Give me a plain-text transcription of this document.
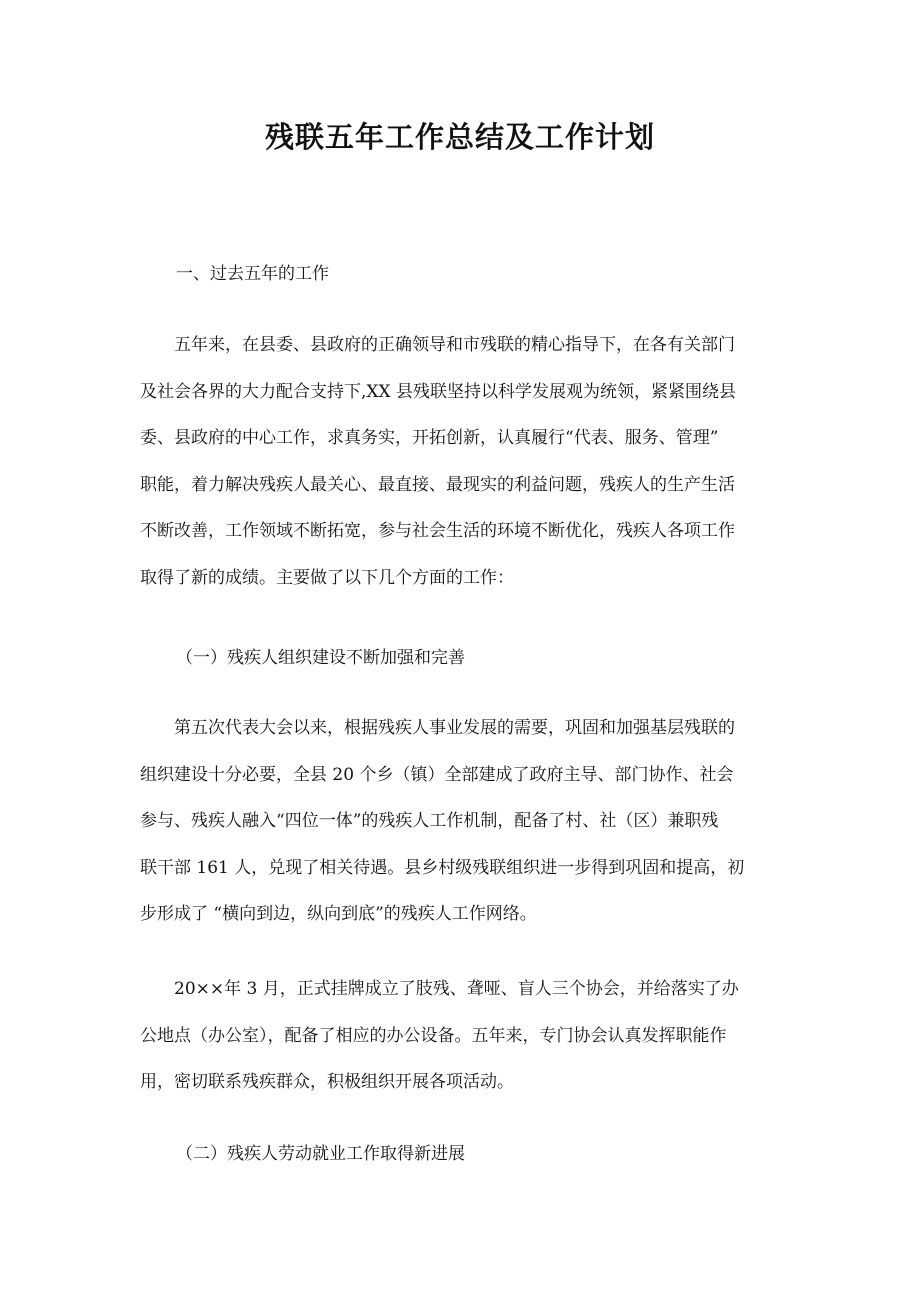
残联五年工作总结及工作计划
一、过去五年的工作
　　五年来，在县委、县政府的正确领导和市残联的精心指导下，在各有关部门
及社会各界的大力配合支持下,XX 县残联坚持以科学发展观为统领，紧紧围绕县
委、县政府的中心工作，求真务实，开拓创新，认真履行“代表、服务、管理”
职能，着力解决残疾人最关心、最直接、最现实的利益问题，残疾人的生产生活
不断改善，工作领域不断拓宽，参与社会生活的环境不断优化，残疾人各项工作
取得了新的成绩。主要做了以下几个方面的工作：
（一）残疾人组织建设不断加强和完善
　　第五次代表大会以来，根据残疾人事业发展的需要，巩固和加强基层残联的
组织建设十分必要，全县 20 个乡（镇）全部建成了政府主导、部门协作、社会
参与、残疾人融入“四位一体”的残疾人工作机制，配备了村、社（区）兼职残
联干部 161 人，兑现了相关待遇。县乡村级残联组织进一步得到巩固和提高，初
步形成了 “横向到边，纵向到底”的残疾人工作网络。
　　20××年 3 月，正式挂牌成立了肢残、聋哑、盲人三个协会，并给落实了办
公地点（办公室），配备了相应的办公设备。五年来，专门协会认真发挥职能作
用，密切联系残疾群众，积极组织开展各项活动。
（二）残疾人劳动就业工作取得新进展
